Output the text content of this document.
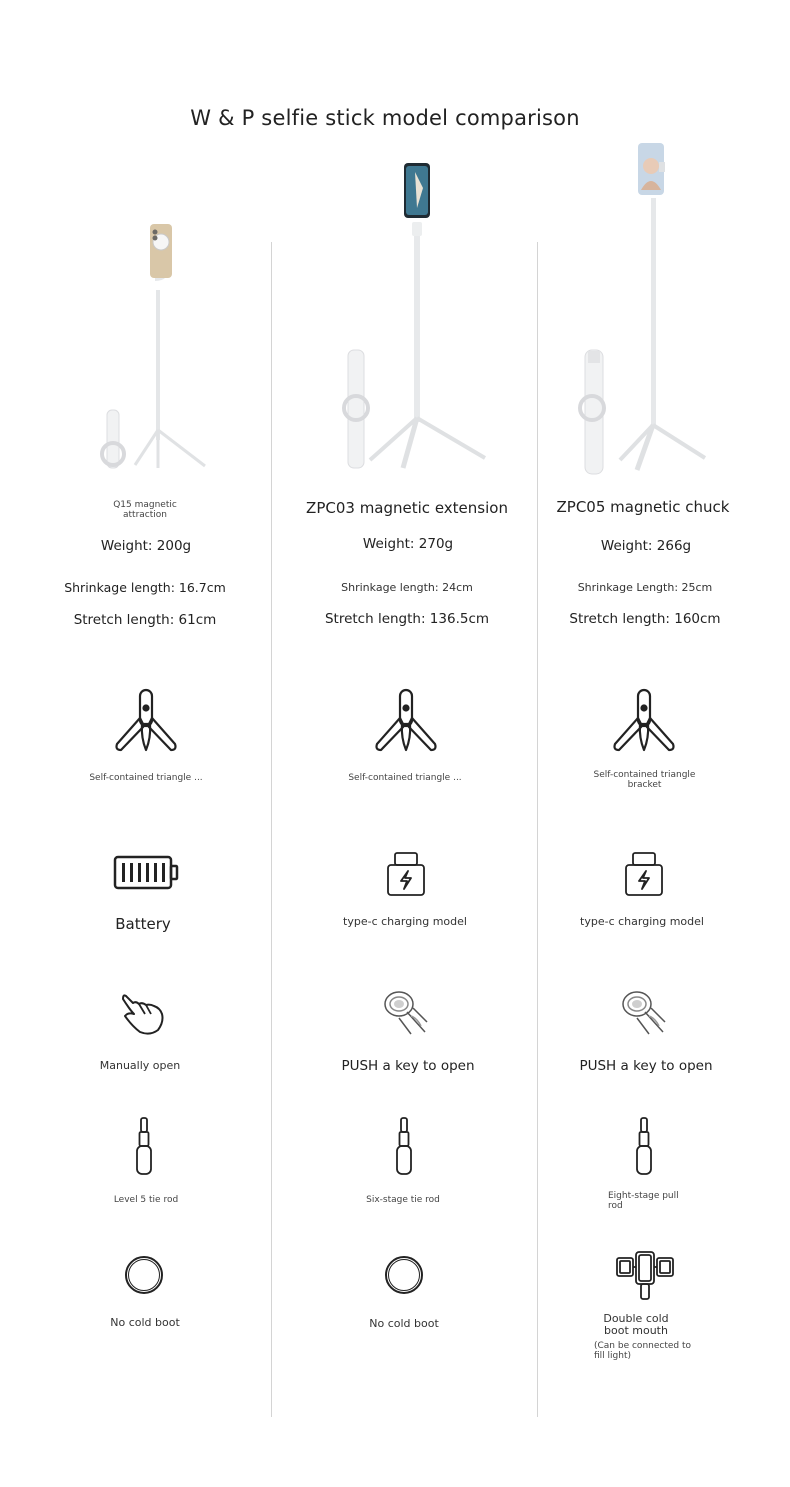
W & P selfie stick model comparison
Q15 magnetic attraction	ZPC03 magnetic extension	ZPC05 magnetic chuck
Weight: 200g	Weight: 270g	Weight: 266g
Shrinkage length: 16.7cm	Shrinkage length: 24cm	Shrinkage Length: 25cm
Stretch length: 61cm	Stretch length: 136.5cm	Stretch length: 160cm
Self-contained triangle ...	Self-contained triangle ...	Self-contained triangle bracket
Battery	type-c charging model	type-c charging model
Manually open	PUSH a key to open	PUSH a key to open
Level 5 tie rod	Six-stage tie rod	Eight-stage pull rod
No cold boot	No cold boot	Double cold boot mouth
(Can be connected to fill light)
